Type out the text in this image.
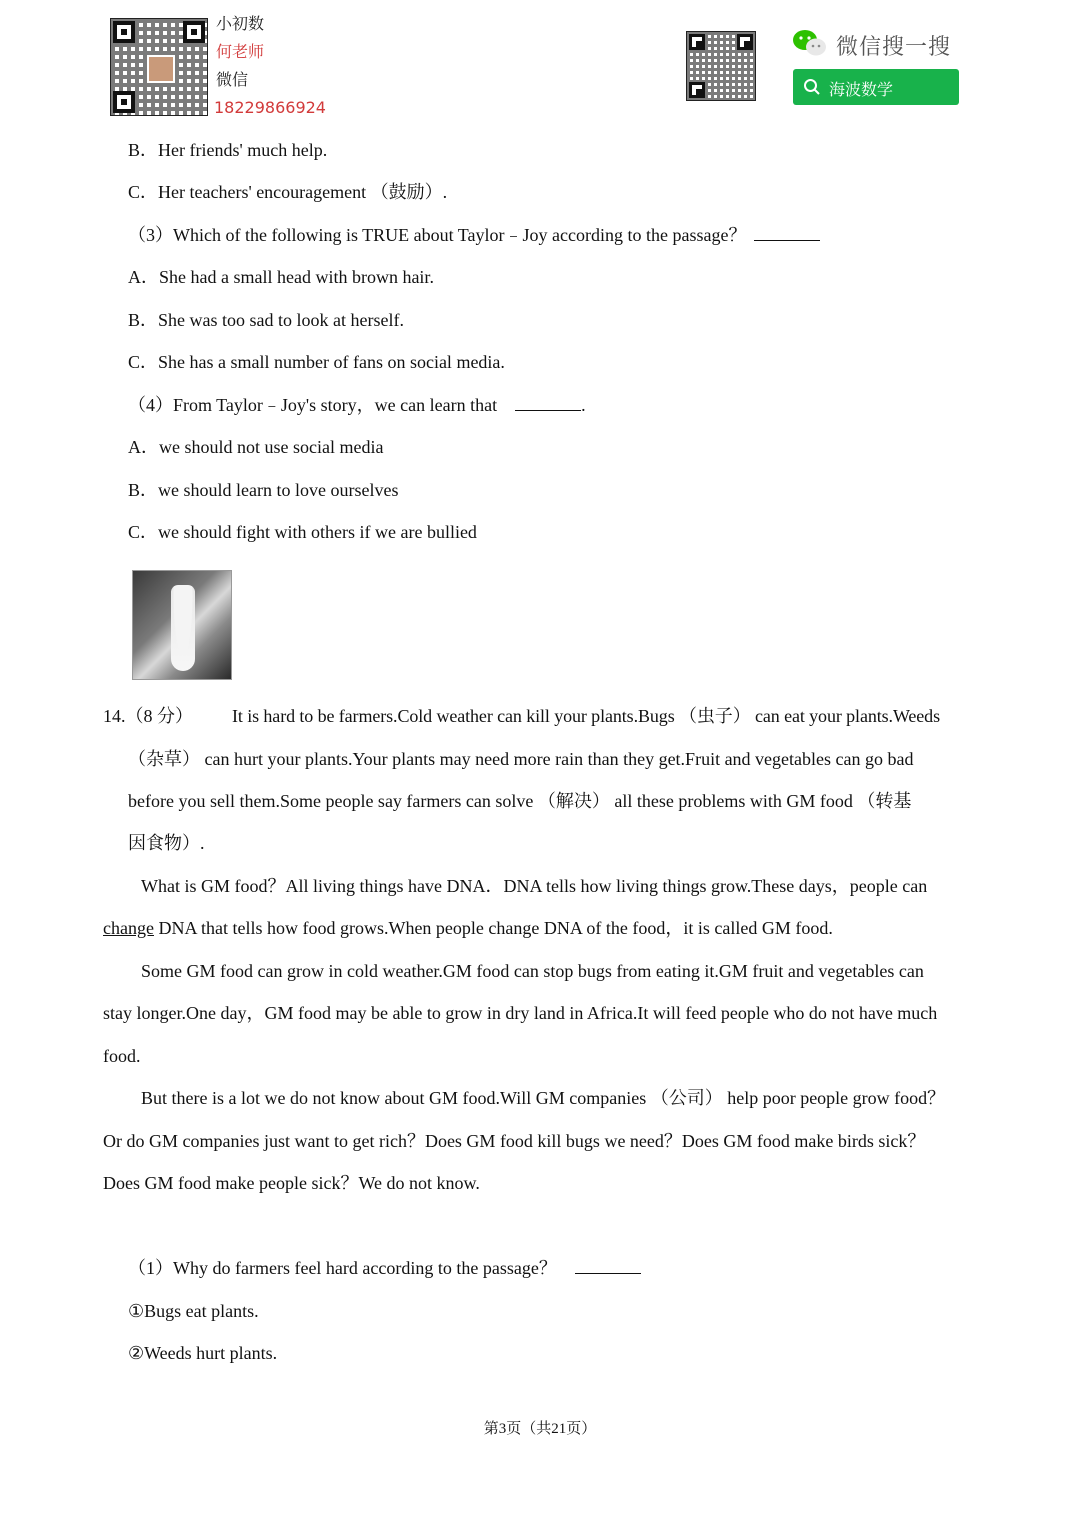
小初数
何老师
微信
18229866924
微信搜一搜
海波数学
B．Her friends' much help.
C．Her teachers' encouragement （鼓励）.
（3）Which of the following is TRUE about Taylor﹣Joy according to the passage？
A．She had a small head with brown hair.
B．She was too sad to look at herself.
C．She has a small number of fans on social media.
（4）From Taylor﹣Joy's story，we can learn that	.
A．we should not use social media
B．we should learn to love ourselves
C．we should fight with others if we are bullied
14.（8 分） It is hard to be farmers.Cold weather can kill your plants.Bugs （虫子） can eat your plants.Weeds
（杂草） can hurt your plants.Your plants may need more rain than they get.Fruit and vegetables can go bad
before you sell them.Some people say farmers can solve （解决） all these problems with GM food （转基
因食物）.
What is GM food？All living things have DNA．DNA tells how living things grow.These days，people can
change DNA that tells how food grows.When people change DNA of the food，it is called GM food.
Some GM food can grow in cold weather.GM food can stop bugs from eating it.GM fruit and vegetables can
stay longer.One day，GM food may be able to grow in dry land in Africa.It will feed people who do not have much
food.
But there is a lot we do not know about GM food.Will GM companies （公司） help poor people grow food？
Or do GM companies just want to get rich？Does GM food kill bugs we need？Does GM food make birds sick？
Does GM food make people sick？We do not know.
（1）Why do farmers feel hard according to the passage？
①Bugs eat plants.
②Weeds hurt plants.
第3页（共21页）
